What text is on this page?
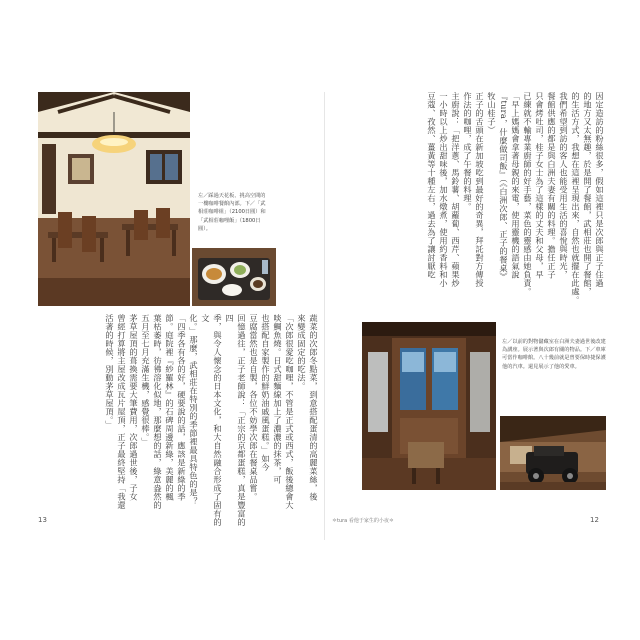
左／踩過天花板、挑高空間的一樓咖啡餐館內部。下／「武相莊咖啡組」（2100日圓）和「武相莊咖哩飯」（1800日圓）。
蔬菜的次郎冬點菜，到意搭配蛋清的高麗菜絲，後
來變成固定的吃法。
「次郎很愛吃咖哩，不管是正式或西式，飯後總會大
啖鯛魚燒。日式甜麵線加上了濃濃的抹茶，可
也搭配自家製作的鮮奶油戚風蛋糕。」如今
豆腐當然也是自製，各位不妨學次郎在餐桌品嘗。
回憶過往，正子老師說：「正宗的京都蛋糕，真是豐富的四
季，與令人懷念的日本文化，和大自然融合形成了固有的文
化。」那麼，武相莊在特別的季節裡最具特色的是？
「四季各有各的好，硬要說的話，應該是新綠的季
節。庭院裡『紗羅林』的石碑周邊新綠，美麗的楓
葉枯萎時，彷彿溶化似地，那麼想的話，綠意盎然的
五月至七月充滿生機，感覺很棒。」
茅草屋頂的葺換需要大筆費用，次郎過世後，子女
曾經打算將主屋改成瓦片屋頂，正子最終堅持「我還
活著的時候，別動茅草屋頂。」
13
因定造訪的粉絲很多，假如這裡只是次郎與正子住過
的地方又太無趣，於是開了餐館，武相莊也開了餐館，
的生活方式，我想在這裡呈現出來，自然也就擺在此處。
我們希望到訪的客人也能受用生活的喜悅與時光，
餐館供應的都是與白洲夫妻有關的料理。擔任正子
只會烤吐司，桂子女士為了這樣的丈夫和父母，早
已練就不輸專業廚師的好手藝，菜色的靈感由她負責。
「早上媽媽會拿著母親的來電，使用靈機的語氣說
『tura，什麼做司飯』（《白洲次郎、正子的餐桌》
牧山桂子）
正子的舌頭在新加坡吃到最好的奇異，拜託對方傳授
作法的咖哩，成了午餐的料理。
主廚說：「把洋蔥、馬鈴薯、胡蘿蔔、西芹、蘋果炒
一小時以上炒出甜味後，加水燉煮，使用約香料和小
豆蔻、孜然、薑黃等十種左右，過去為了讓討厭吃
左／以前的對物儲藏室在白洲夫妻過世後改建為講座。展示著與次郎有關的物品。下／車庫可當作咖啡館。八十幾前就是曾要保時捷保護他的汽車。還見展示了他的愛車。
＊tura 看他于家生的小夜＊	12
